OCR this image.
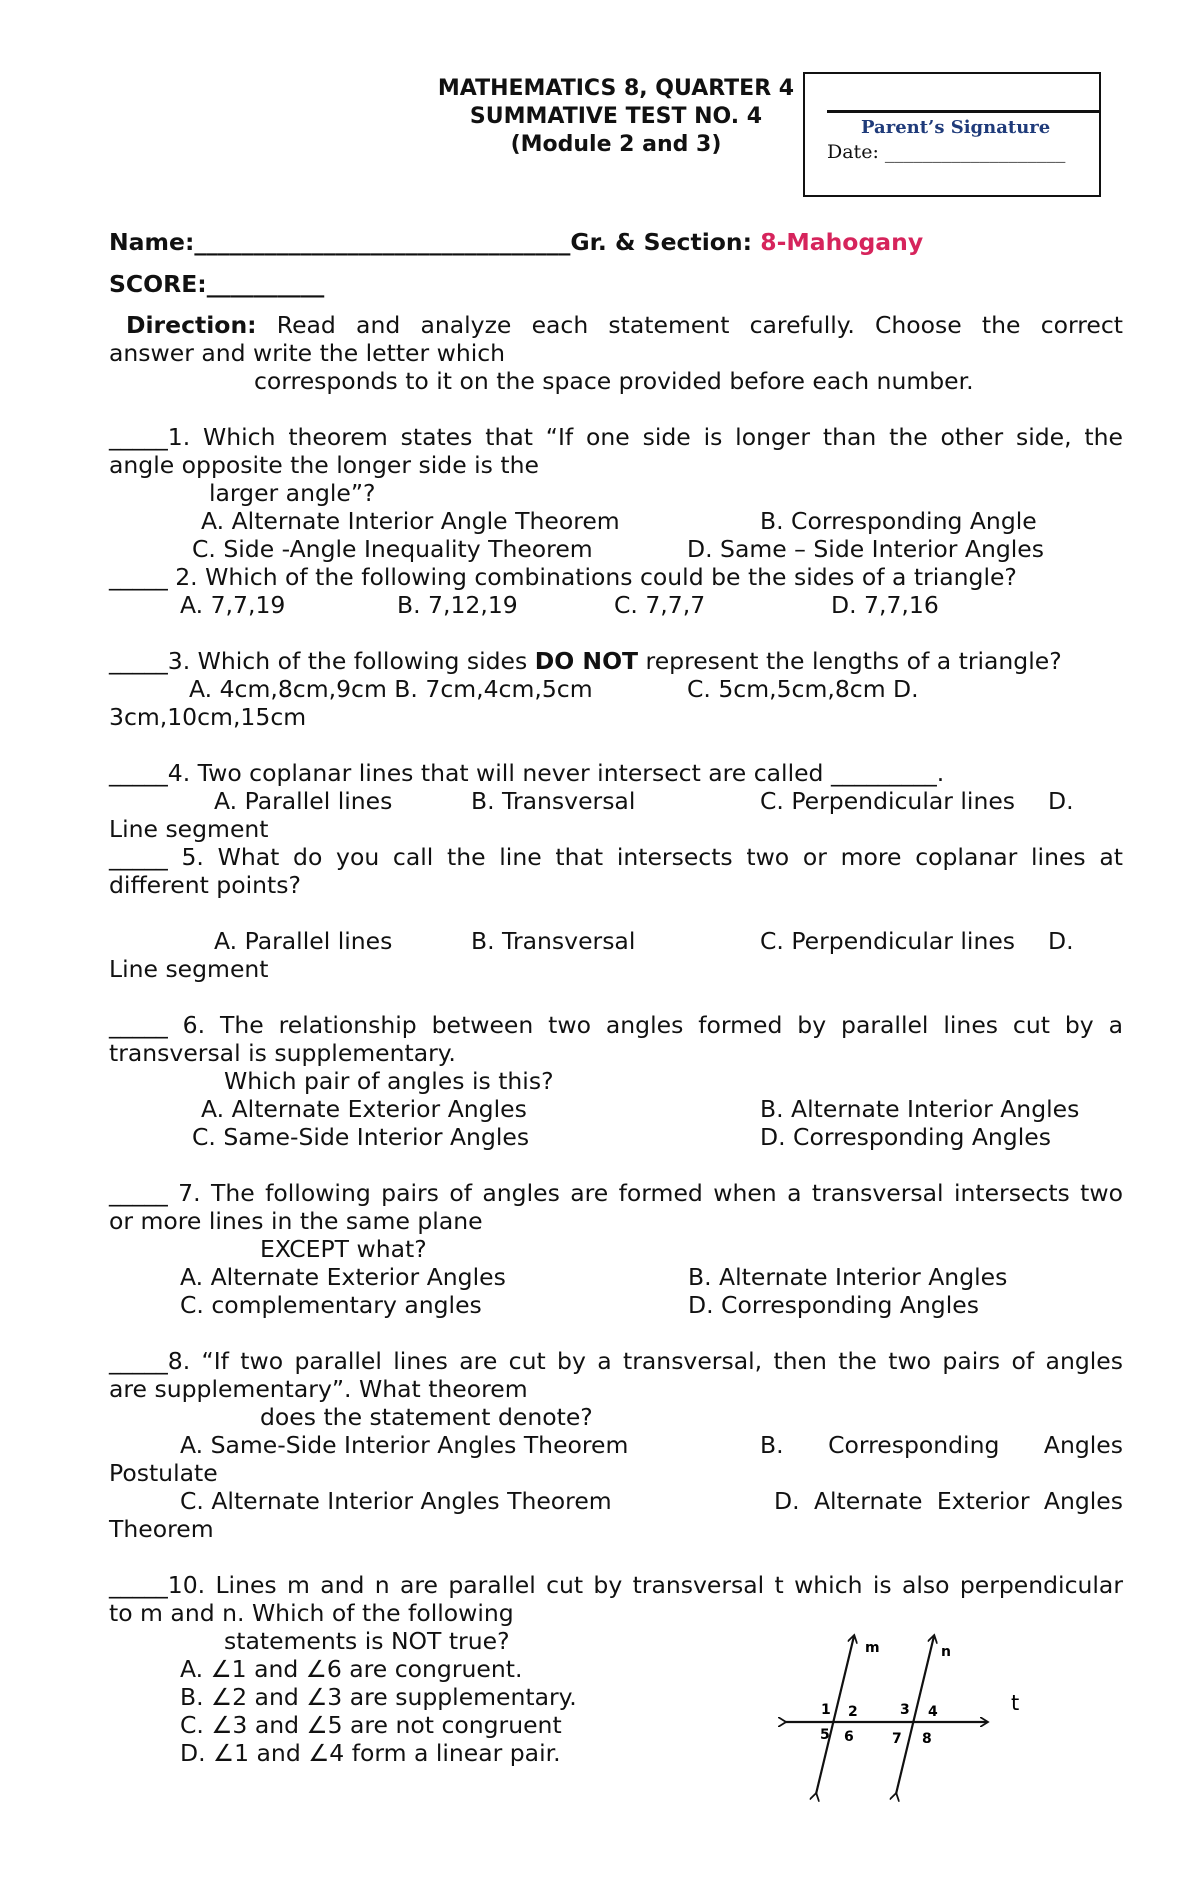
MATHEMATICS 8, QUARTER 4
SUMMATIVE TEST NO. 4
(Module 2 and 3)
Parent’s Signature
Date: ___________________
Name:________________________________Gr. & Section: 8-Mahogany
SCORE:__________
Direction: Read and analyze each statement carefully. Choose the correct
answer and write the letter which
corresponds to it on the space provided before each number.
_____1. Which theorem states that “If one side is longer than the other side, the
angle opposite the longer side is the
larger angle”?
A. Alternate Interior Angle Theorem	B. Corresponding Angle
C. Side -Angle Inequality Theorem	D. Same – Side Interior Angles
_____ 2. Which of the following combinations could be the sides of a triangle?
A. 7,7,19	B. 7,12,19	C. 7,7,7	D. 7,7,16
_____3. Which of the following sides DO NOT represent the lengths of a triangle?
A. 4cm,8cm,9cm B. 7cm,4cm,5cm	C. 5cm,5cm,8cm D.
3cm,10cm,15cm
_____4. Two coplanar lines that will never intersect are called _________.
A. Parallel lines	B. Transversal	C. Perpendicular lines D.
Line segment
_____ 5. What do you call the line that intersects two or more coplanar lines at
different points?
A. Parallel lines	B. Transversal	C. Perpendicular lines D.
Line segment
_____ 6. The relationship between two angles formed by parallel lines cut by a
transversal is supplementary.
Which pair of angles is this?
A. Alternate Exterior Angles	B. Alternate Interior Angles
C. Same-Side Interior Angles	D. Corresponding Angles
_____ 7. The following pairs of angles are formed when a transversal intersects two
or more lines in the same plane
EXCEPT what?
A. Alternate Exterior Angles	B. Alternate Interior Angles
C. complementary angles	D. Corresponding Angles
_____8. “If two parallel lines are cut by a transversal, then the two pairs of angles
are supplementary”. What theorem
does the statement denote?
A. Same-Side Interior Angles Theorem	B. Corresponding Angles
Postulate
C. Alternate Interior Angles Theorem	D. Alternate Exterior Angles
Theorem
_____10. Lines m and n are parallel cut by transversal t which is also perpendicular
to m and n. Which of the following
statements is NOT true?
A. ∠1 and ∠6 are congruent.
B. ∠2 and ∠3 are supplementary.
C. ∠3 and ∠5 are not congruent
D. ∠1 and ∠4 form a linear pair.
m	n
t
1 2	3 4
5 6	7 8
